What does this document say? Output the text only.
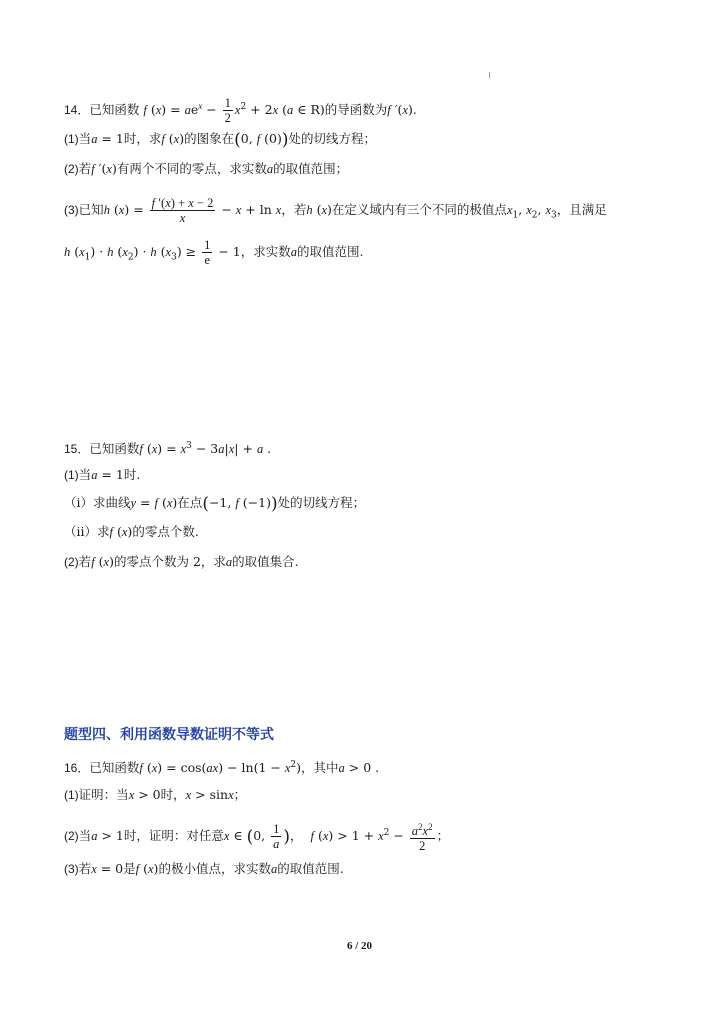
14．已知函数 f $(x) = ae^x - \frac{1}{2} x^2 + 2x$ (a ∈ R)的导函数为f ′(x).
(1)当a = 1时，求f (x)的图象在(0, f (0))处的切线方程；
(2)若f ′(x)有两个不同的零点，求实数a的取值范围；
(3)已知h $(x) = \frac{f '(x) + x - 2}{x} - x + \ln x$，若h (x)在定义域内有三个不同的极值点$x_1$, $x_2$, $x_3$，且满足
h $(x_1) \cdot h$ $(x_2) \cdot h$ $(x_3) \ge \frac{1}{e} - 1$，求实数a的取值范围.
15．已知函数f $(x) = x^3 - 3a|x| + a$ .
(1)当a = 1时.
（i）求曲线y = f (x)在点(−1, f (−1))处的切线方程；
（ii）求f (x)的零点个数.
(2)若f (x)的零点个数为 2，求a的取值集合.
题型四、利用函数导数证明不等式
16．已知函数f $(x) = \cos(ax) - \ln(1 - x^2)$，其中a > 0 .
(1)证明：当x > 0时，x > sinx；
(2)当a > 1时，证明：对任意x ∈ (0, $\frac{1}{a}$ )，  f $(x) > 1 + x^2 - \frac{a^2x^2}{2}$ ；
(3)若x = 0是f (x)的极小值点，求实数a的取值范围.
6 / 20
